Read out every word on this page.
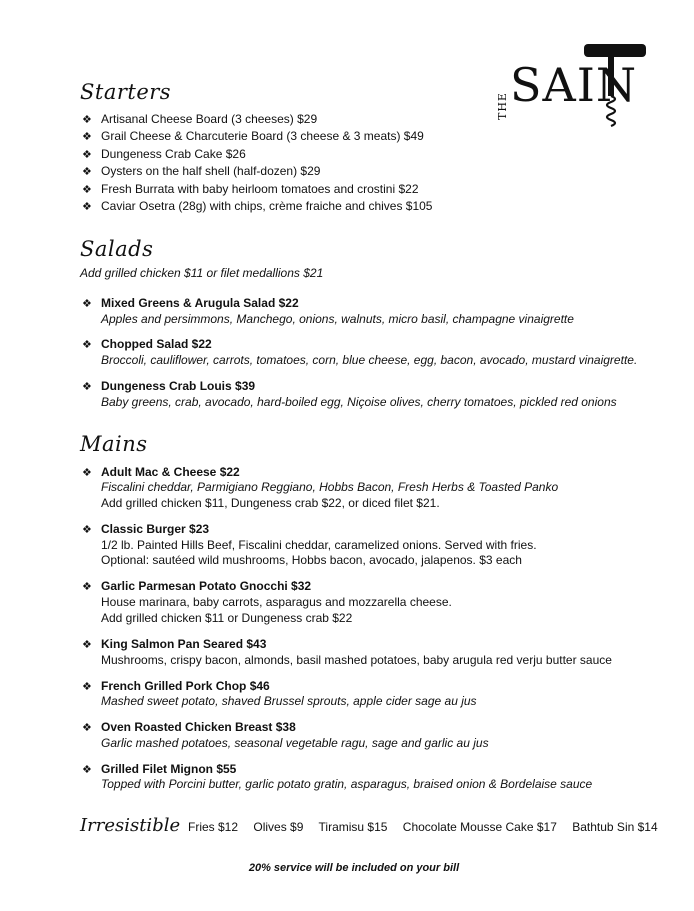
THE SAIN
Starters
❖ Artisanal Cheese Board (3 cheeses) $29
❖ Grail Cheese & Charcuterie Board (3 cheese & 3 meats) $49
❖ Dungeness Crab Cake $26
❖ Oysters on the half shell (half-dozen) $29
❖ Fresh Burrata with baby heirloom tomatoes and crostini $22
❖ Caviar Osetra (28g) with chips, crème fraiche and chives $105
Salads
Add grilled chicken $11 or filet medallions $21
❖ Mixed Greens & Arugula Salad $22
Apples and persimmons, Manchego, onions, walnuts, micro basil, champagne vinaigrette
❖ Chopped Salad $22
Broccoli, cauliflower, carrots, tomatoes, corn, blue cheese, egg, bacon, avocado, mustard vinaigrette.
❖ Dungeness Crab Louis $39
Baby greens, crab, avocado, hard-boiled egg, Niçoise olives, cherry tomatoes, pickled red onions
Mains
❖ Adult Mac & Cheese $22
Fiscalini cheddar, Parmigiano Reggiano, Hobbs Bacon, Fresh Herbs & Toasted Panko
Add grilled chicken $11, Dungeness crab $22, or diced filet $21.
❖ Classic Burger $23
1/2 lb. Painted Hills Beef, Fiscalini cheddar, caramelized onions. Served with fries.
Optional: sautéed wild mushrooms, Hobbs bacon, avocado, jalapenos. $3 each
❖ Garlic Parmesan Potato Gnocchi $32
House marinara, baby carrots, asparagus and mozzarella cheese.
Add grilled chicken $11 or Dungeness crab $22
❖ King Salmon Pan Seared $43
Mushrooms, crispy bacon, almonds, basil mashed potatoes, baby arugula red verju butter sauce
❖ French Grilled Pork Chop $46
Mashed sweet potato, shaved Brussel sprouts, apple cider sage au jus
❖ Oven Roasted Chicken Breast $38
Garlic mashed potatoes, seasonal vegetable ragu, sage and garlic au jus
❖ Grilled Filet Mignon $55
Topped with Porcini butter, garlic potato gratin, asparagus, braised onion & Bordelaise sauce
Irresistible Fries $12 Olives $9 Tiramisu $15 Chocolate Mousse Cake $17 Bathtub Sin $14
20% service will be included on your bill
